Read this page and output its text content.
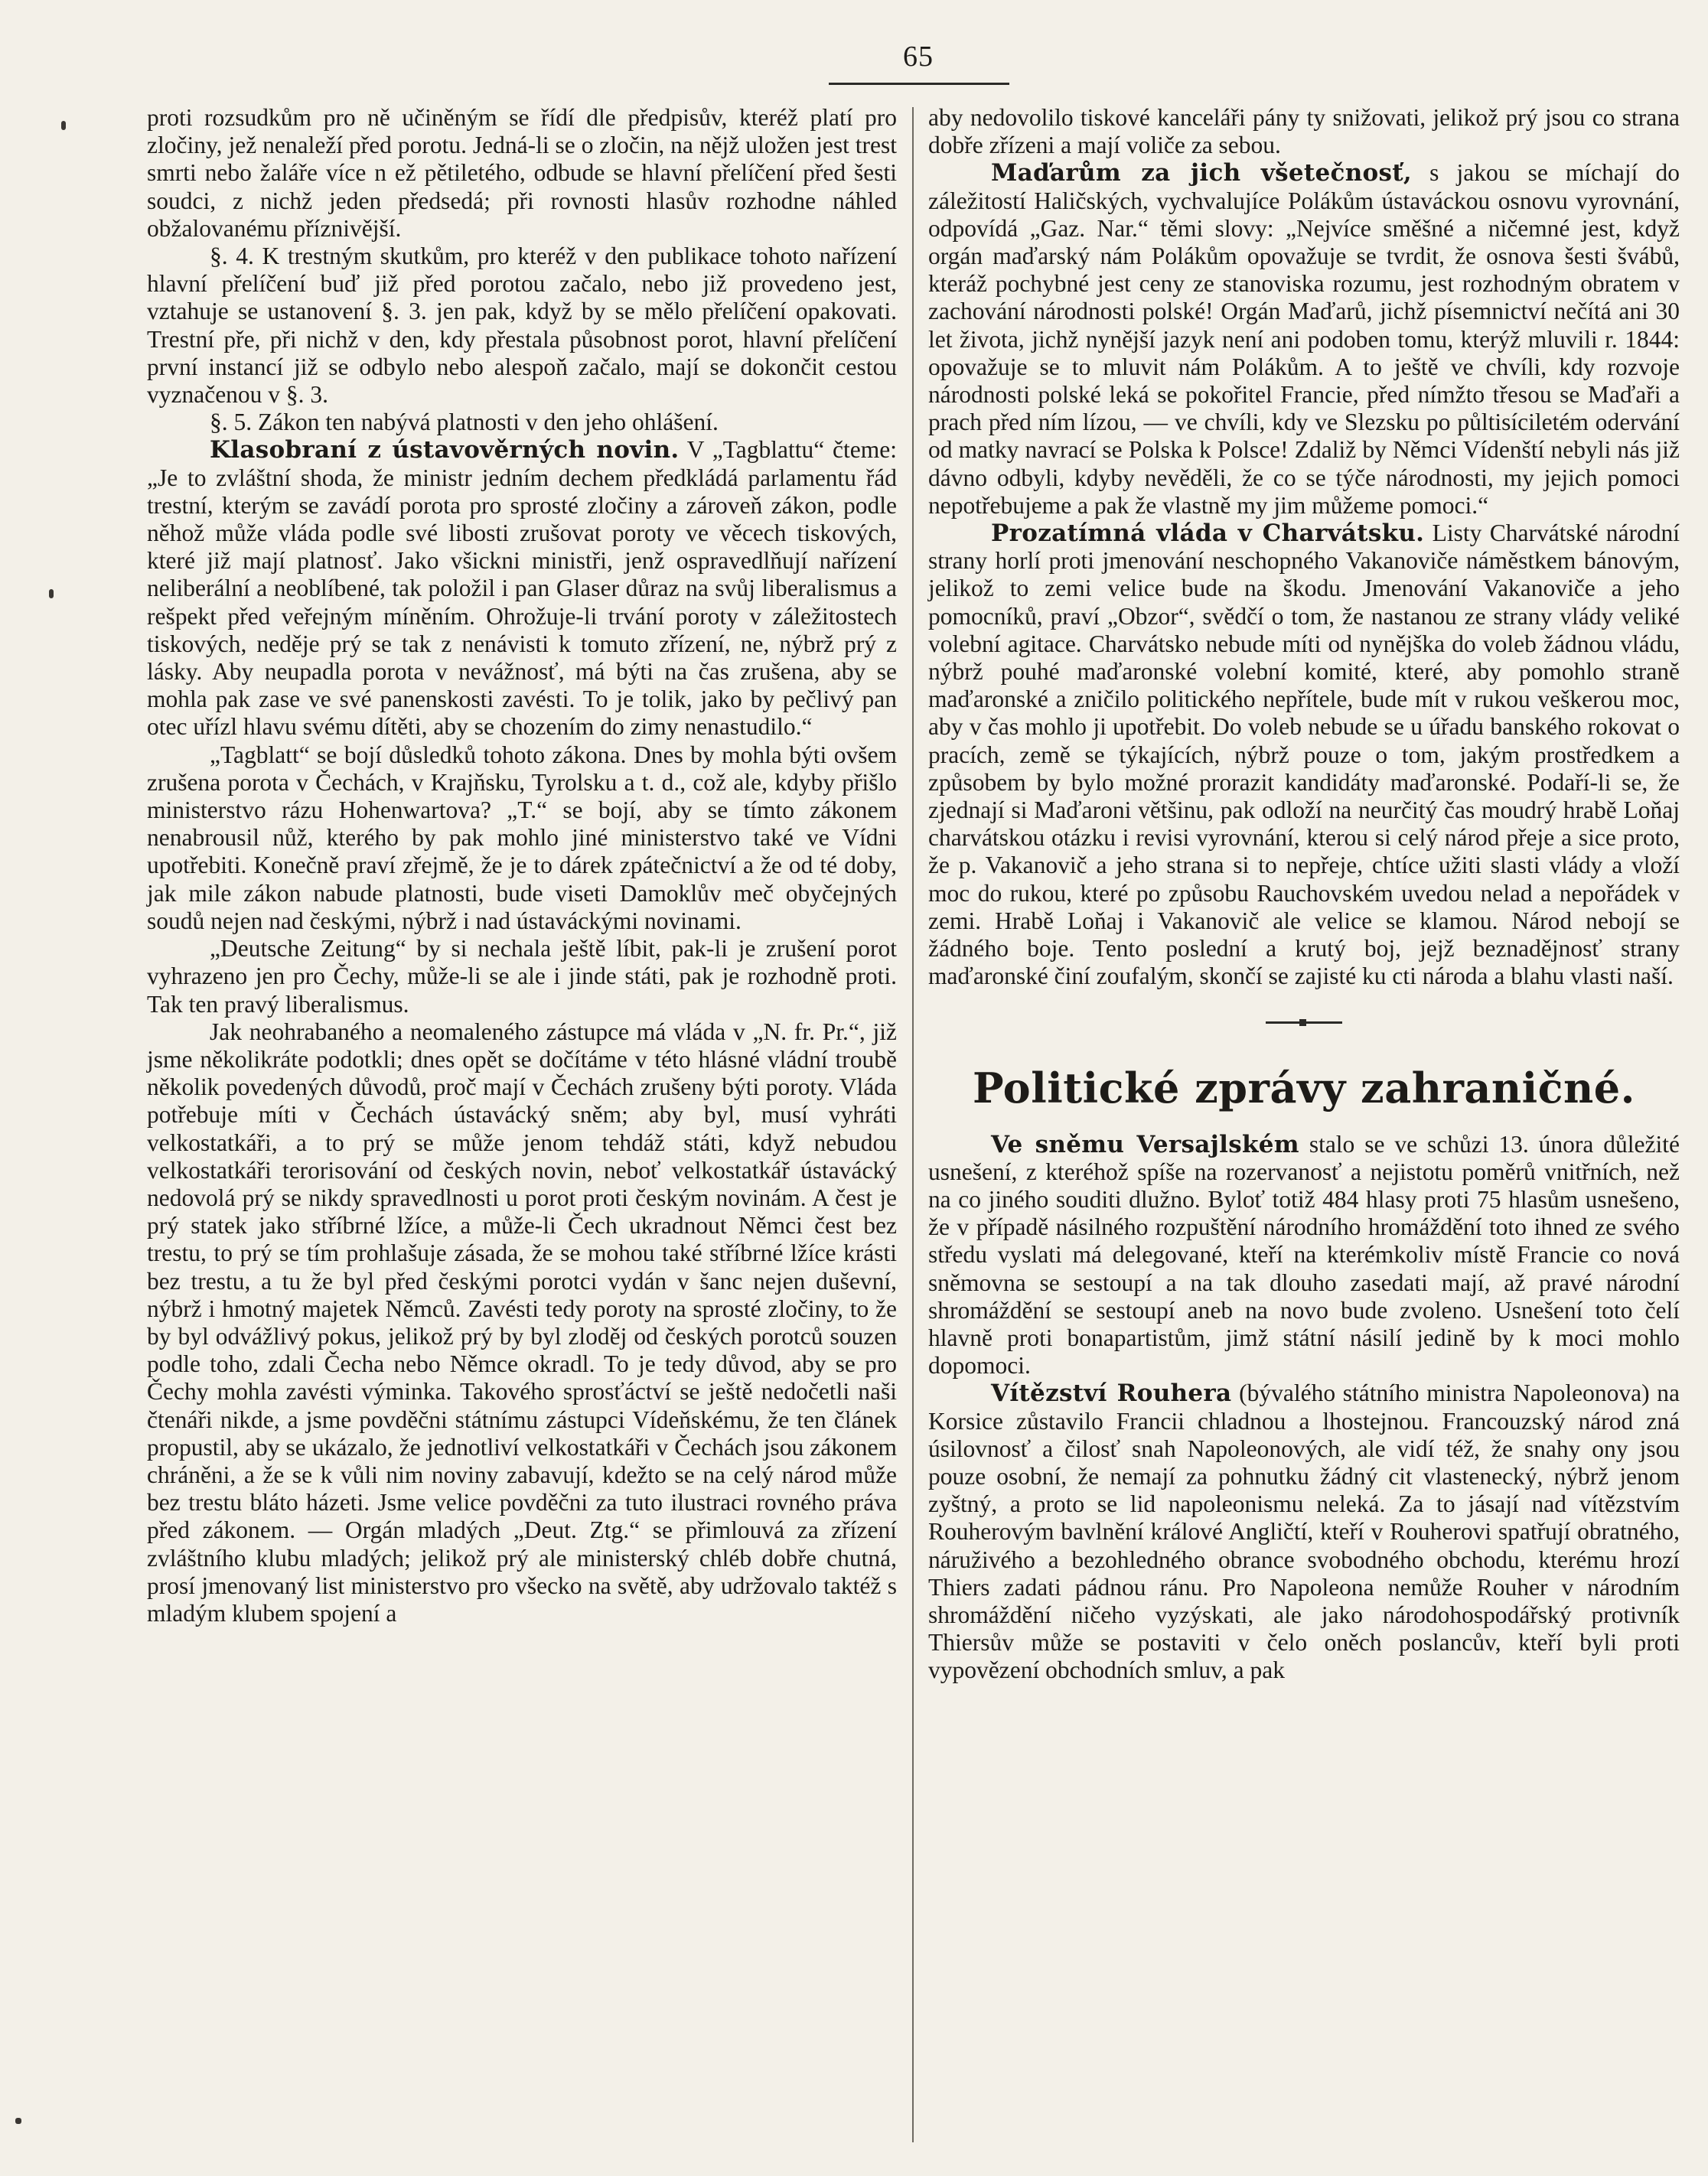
65

proti rozsudkům pro ně učiněným se řídí dle předpisův, kteréž platí pro zločiny, jež nenaleží před porotu. Jedná-li se o zločin, na nějž uložen jest trest smrti nebo žaláře více n ež pětiletého, odbude se hlavní přelíčení před šesti soudci, z nichž jeden předsedá; při rovnosti hlasův rozhodne náhled obžalovanému příznivější.

§. 4. K trestným skutkům, pro kteréž v den publikace tohoto nařízení hlavní přelíčení buď již před porotou začalo, nebo již provedeno jest, vztahuje se ustanovení §. 3. jen pak, když by se mělo přelíčení opakovati. Trestní pře, při nichž v den, kdy přestala působnost porot, hlavní přelíčení první instancí již se odbylo nebo alespoň začalo, mají se dokončit cestou vyznačenou v §. 3.

§. 5. Zákon ten nabývá platnosti v den jeho ohlášení.

Klasobraní z ústavověrných novin. V „Tagblattu“ čteme: „Je to zvláštní shoda, že ministr jedním dechem předkládá parlamentu řád trestní, kterým se zavádí porota pro sprosté zločiny a zároveň zákon, podle něhož může vláda podle své libosti zrušovat poroty ve věcech tiskových, které již mají platnosť. Jako všickni ministři, jenž ospravedlňují nařízení neliberální a neoblíbené, tak položil i pan Glaser důraz na svůj liberalismus a rešpekt před veřejným míněním. Ohrožuje-li trvání poroty v záležitostech tiskových, neděje prý se tak z nenávisti k tomuto zřízení, ne, nýbrž prý z lásky. Aby neupadla porota v nevážnosť, má býti na čas zrušena, aby se mohla pak zase ve své panenskosti zavésti. To je tolik, jako by pečlivý pan otec uřízl hlavu svému dítěti, aby se chozením do zimy nenastudilo.“

„Tagblatt“ se bojí důsledků tohoto zákona. Dnes by mohla býti ovšem zrušena porota v Čechách, v Krajňsku, Tyrolsku a t. d., což ale, kdyby přišlo ministerstvo rázu Hohenwartova? „T.“ se bojí, aby se tímto zákonem nenabrousil nůž, kterého by pak mohlo jiné ministerstvo také ve Vídni upotřebiti. Konečně praví zřejmě, že je to dárek zpátečnictví a že od té doby, jak mile zákon nabude platnosti, bude viseti Damoklův meč obyčejných soudů nejen nad českými, nýbrž i nad ústaváckými novinami.

„Deutsche Zeitung“ by si nechala ještě líbit, pak-li je zrušení porot vyhrazeno jen pro Čechy, může-li se ale i jinde státi, pak je rozhodně proti. Tak ten pravý liberalismus.

Jak neohrabaného a neomaleného zástupce má vláda v „N. fr. Pr.“, již jsme několikráte podotkli; dnes opět se dočítáme v této hlásné vládní troubě několik povedených důvodů, proč mají v Čechách zrušeny býti poroty. Vláda potřebuje míti v Čechách ústavácký sněm; aby byl, musí vyhráti velkostatkáři, a to prý se může jenom tehdáž státi, když nebudou velkostatkáři terorisování od českých novin, neboť velkostatkář ústavácký nedovolá prý se nikdy spravedlnosti u porot proti českým novinám. A čest je prý statek jako stříbrné lžíce, a může-li Čech ukradnout Němci čest bez trestu, to prý se tím prohlašuje zásada, že se mohou také stříbrné lžíce krásti bez trestu, a tu že byl před českými porotci vydán v šanc nejen duševní, nýbrž i hmotný majetek Němců. Zavésti tedy poroty na sprosté zločiny, to že by byl odvážlivý pokus, jelikož prý by byl zloděj od českých porotců souzen podle toho, zdali Čecha nebo Němce okradl. To je tedy důvod, aby se pro Čechy mohla zavésti výminka. Takového sprosťáctví se ještě nedočetli naši čtenáři nikde, a jsme povděčni státnímu zástupci Vídeňskému, že ten článek propustil, aby se ukázalo, že jednotliví velkostatkáři v Čechách jsou zákonem chráněni, a že se k vůli nim noviny zabavují, kdežto se na celý národ může bez trestu bláto házeti. Jsme velice povděčni za tuto ilustraci rovného práva před zákonem. — Orgán mladých „Deut. Ztg.“ se přimlouvá za zřízení zvláštního klubu mladých; jelikož prý ale ministerský chléb dobře chutná, prosí jmenovaný list ministerstvo pro všecko na světě, aby udržovalo taktéž s mladým klubem spojení a

aby nedovolilo tiskové kanceláři pány ty snižovati, jelikož prý jsou co strana dobře zřízeni a mají voliče za sebou.

Maďarům za jich všetečnosť, s jakou se míchají do záležitostí Haličských, vychvalujíce Polákům ústaváckou osnovu vyrovnání, odpovídá „Gaz. Nar.“ těmi slovy: „Nejvíce směšné a ničemné jest, když orgán maďarský nám Polákům opovažuje se tvrdit, že osnova šesti švábů, kteráž pochybné jest ceny ze stanoviska rozumu, jest rozhodným obratem v zachování národnosti polské! Orgán Maďarů, jichž písemnictví nečítá ani 30 let života, jichž nynější jazyk není ani podoben tomu, kterýž mluvili r. 1844: opovažuje se to mluvit nám Polákům. A to ještě ve chvíli, kdy rozvoje národnosti polské leká se pokořitel Francie, před nímžto třesou se Maďaři a prach před ním lízou, — ve chvíli, kdy ve Slezsku po půltisíciletém odervání od matky navrací se Polska k Polsce! Zdaliž by Němci Vídenští nebyli nás již dávno odbyli, kdyby nevěděli, že co se týče národnosti, my jejich pomoci nepotřebujeme a pak že vlastně my jim můžeme pomoci.“

Prozatímná vláda v Charvátsku. Listy Charvátské národní strany horlí proti jmenování neschopného Vakanoviče náměstkem bánovým, jelikož to zemi velice bude na škodu. Jmenování Vakanoviče a jeho pomocníků, praví „Obzor“, svědčí o tom, že nastanou ze strany vlády veliké volební agitace. Charvátsko nebude míti od nynějška do voleb žádnou vládu, nýbrž pouhé maďaronské volební komité, které, aby pomohlo straně maďaronské a zničilo politického nepřítele, bude mít v rukou veškerou moc, aby v čas mohlo ji upotřebit. Do voleb nebude se u úřadu banského rokovat o pracích, země se týkajících, nýbrž pouze o tom, jakým prostředkem a způsobem by bylo možné prorazit kandidáty maďaronské. Podaří-li se, že zjednají si Maďaroni většinu, pak odloží na neurčitý čas moudrý hrabě Loňaj charvátskou otázku i revisi vyrovnání, kterou si celý národ přeje a sice proto, že p. Vakanovič a jeho strana si to nepřeje, chtíce užiti slasti vlády a vloží moc do rukou, které po způsobu Rauchovském uvedou nelad a nepořádek v zemi. Hrabě Loňaj i Vakanovič ale velice se klamou. Národ nebojí se žádného boje. Tento poslední a krutý boj, jejž beznadějnosť strany maďaronské činí zoufalým, skončí se zajisté ku cti národa a blahu vlasti naší.

Politické zprávy zahraničné.

Ve sněmu Versajlském stalo se ve schůzi 13. února důležité usnešení, z kteréhož spíše na rozervanosť a nejistotu poměrů vnitřních, než na co jiného souditi dlužno. Byloť totiž 484 hlasy proti 75 hlasům usnešeno, že v případě násilného rozpuštění národního hromáždění toto ihned ze svého středu vyslati má delegované, kteří na kterémkoliv místě Francie co nová sněmovna se sestoupí a na tak dlouho zasedati mají, až pravé národní shromáždění se sestoupí aneb na novo bude zvoleno. Usnešení toto čelí hlavně proti bonapartistům, jimž státní násilí jedině by k moci mohlo dopomoci.

Vítězství Rouhera (bývalého státního ministra Napoleonova) na Korsice zůstavilo Francii chladnou a lhostejnou. Francouzský národ zná úsilovnosť a čilosť snah Napoleonových, ale vidí též, že snahy ony jsou pouze osobní, že nemají za pohnutku žádný cit vlastenecký, nýbrž jenom zyštný, a proto se lid napoleonismu neleká. Za to jásají nad vítězstvím Rouherovým bavlnění králové Angličtí, kteří v Rouherovi spatřují obratného, náruživého a bezohledného obrance svobodného obchodu, kterému hrozí Thiers zadati pádnou ránu. Pro Napoleona nemůže Rouher v národním shromáždění ničeho vyzýskati, ale jako národohospodářský protivník Thiersův může se postaviti v čelo oněch poslancův, kteří byli proti vypovězení obchodních smluv, a pak
